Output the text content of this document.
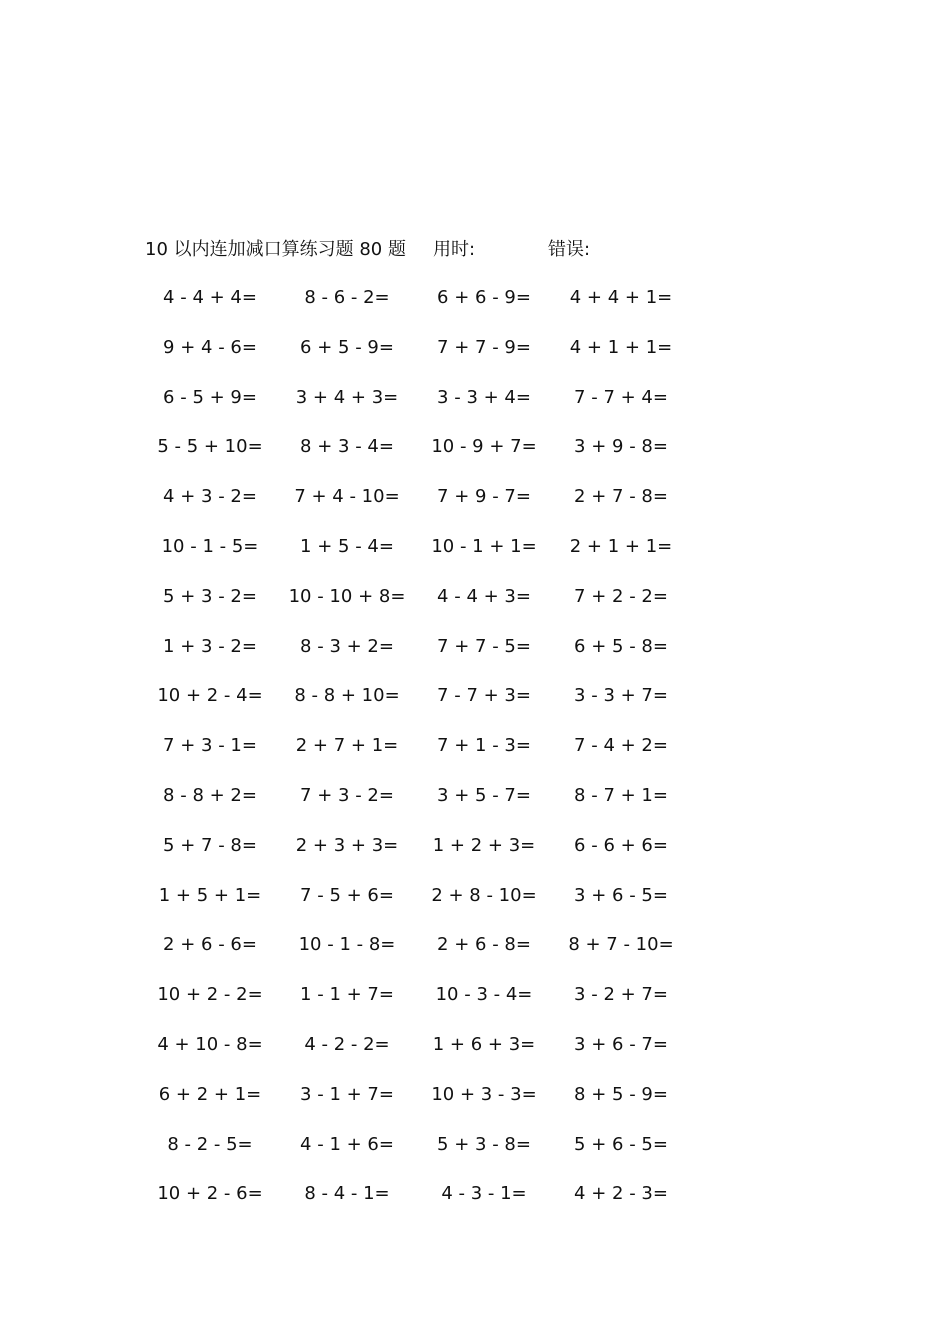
10 以内连加减口算练习题 80 题 用时:	错误:
4 - 4 + 4=	8 - 6 - 2=	6 + 6 - 9=	4 + 4 + 1=
9 + 4 - 6=	6 + 5 - 9=	7 + 7 - 9=	4 + 1 + 1=
6 - 5 + 9=	3 + 4 + 3=	3 - 3 + 4=	7 - 7 + 4=
5 - 5 + 10=	8 + 3 - 4=	10 - 9 + 7=	3 + 9 - 8=
4 + 3 - 2=	7 + 4 - 10=	7 + 9 - 7=	2 + 7 - 8=
10 - 1 - 5=	1 + 5 - 4=	10 - 1 + 1=	2 + 1 + 1=
5 + 3 - 2=	10 - 10 + 8=	4 - 4 + 3=	7 + 2 - 2=
1 + 3 - 2=	8 - 3 + 2=	7 + 7 - 5=	6 + 5 - 8=
10 + 2 - 4=	8 - 8 + 10=	7 - 7 + 3=	3 - 3 + 7=
7 + 3 - 1=	2 + 7 + 1=	7 + 1 - 3=	7 - 4 + 2=
8 - 8 + 2=	7 + 3 - 2=	3 + 5 - 7=	8 - 7 + 1=
5 + 7 - 8=	2 + 3 + 3=	1 + 2 + 3=	6 - 6 + 6=
1 + 5 + 1=	7 - 5 + 6=	2 + 8 - 10=	3 + 6 - 5=
2 + 6 - 6=	10 - 1 - 8=	2 + 6 - 8=	8 + 7 - 10=
10 + 2 - 2=	1 - 1 + 7=	10 - 3 - 4=	3 - 2 + 7=
4 + 10 - 8=	4 - 2 - 2=	1 + 6 + 3=	3 + 6 - 7=
6 + 2 + 1=	3 - 1 + 7=	10 + 3 - 3=	8 + 5 - 9=
8 - 2 - 5=	4 - 1 + 6=	5 + 3 - 8=	5 + 6 - 5=
10 + 2 - 6=	8 - 4 - 1=	4 - 3 - 1=	4 + 2 - 3=
